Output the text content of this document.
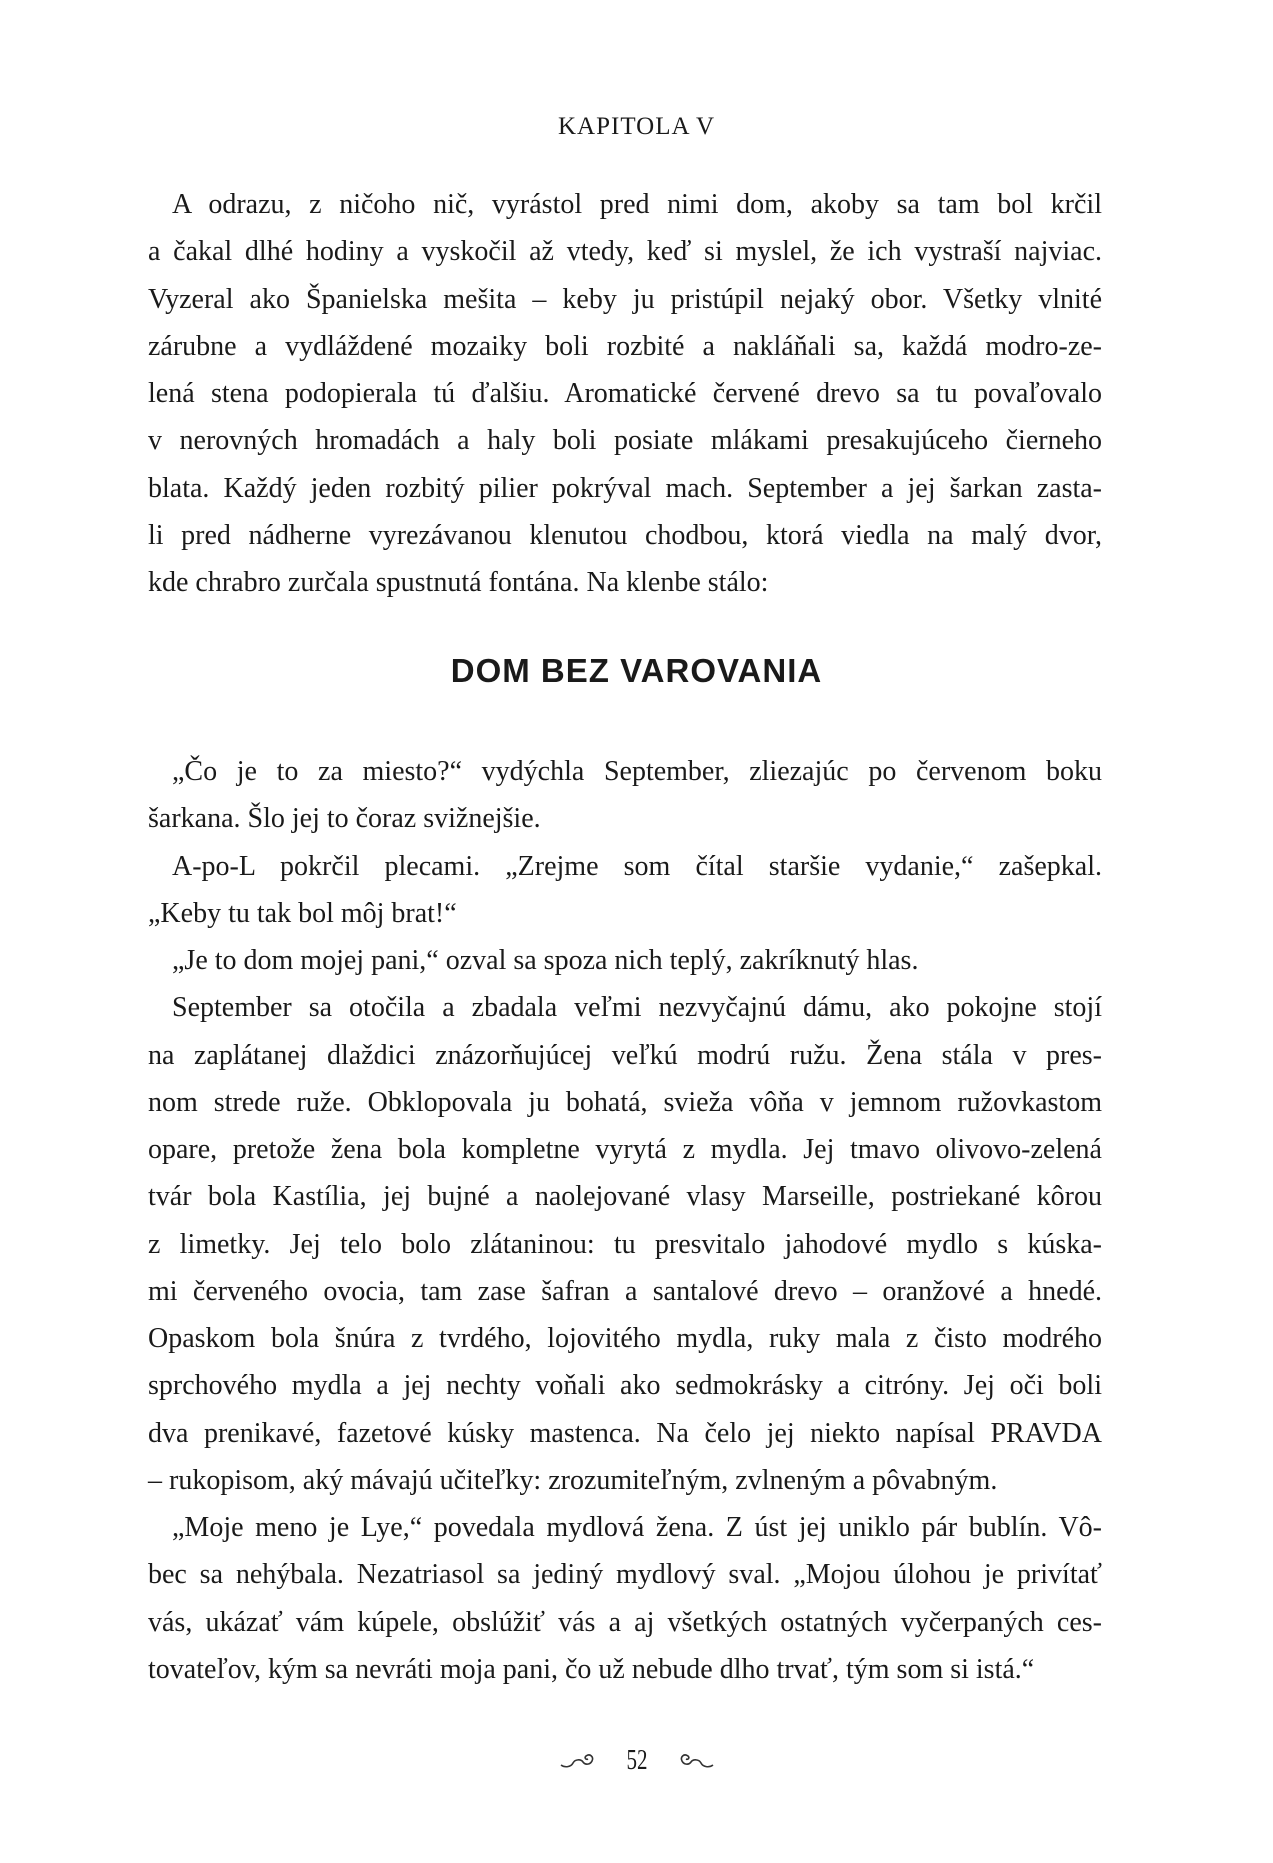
KAPITOLA V
A odrazu, z ničoho nič, vyrástol pred nimi dom, akoby sa tam bol krčil
a čakal dlhé hodiny a vyskočil až vtedy, keď si myslel, že ich vystraší najviac.
Vyzeral ako Španielska mešita – keby ju pristúpil nejaký obor. Všetky vlnité
zárubne a vydláždené mozaiky boli rozbité a nakláňali sa, každá modro-ze-
lená stena podopierala tú ďalšiu. Aromatické červené drevo sa tu povaľovalo
v nerovných hromadách a haly boli posiate mlákami presakujúceho čierneho
blata. Každý jeden rozbitý pilier pokrýval mach. September a jej šarkan zasta-
li pred nádherne vyrezávanou klenutou chodbou, ktorá viedla na malý dvor,
kde chrabro zurčala spustnutá fontána. Na klenbe stálo:
DOM BEZ VAROVANIA
„Čo je to za miesto?“ vydýchla September, zliezajúc po červenom boku
šarkana. Šlo jej to čoraz svižnejšie.
A-po-L pokrčil plecami. „Zrejme som čítal staršie vydanie,“ zašepkal.
„Keby tu tak bol môj brat!“
„Je to dom mojej pani,“ ozval sa spoza nich teplý, zakríknutý hlas.
September sa otočila a zbadala veľmi nezvyčajnú dámu, ako pokojne stojí
na zaplátanej dlaždici znázorňujúcej veľkú modrú ružu. Žena stála v pres-
nom strede ruže. Obklopovala ju bohatá, svieža vôňa v jemnom ružovkastom
opare, pretože žena bola kompletne vyrytá z mydla. Jej tmavo olivovo-zelená
tvár bola Kastília, jej bujné a naolejované vlasy Marseille, postriekané kôrou
z limetky. Jej telo bolo zlátaninou: tu presvitalo jahodové mydlo s kúska-
mi červeného ovocia, tam zase šafran a santalové drevo – oranžové a hnedé.
Opaskom bola šnúra z tvrdého, lojovitého mydla, ruky mala z čisto modrého
sprchového mydla a jej nechty voňali ako sedmokrásky a citróny. Jej oči boli
dva prenikavé, fazetové kúsky mastenca. Na čelo jej niekto napísal PRAVDA
– rukopisom, aký mávajú učiteľky: zrozumiteľným, zvlneným a pôvabným.
„Moje meno je Lye,“ povedala mydlová žena. Z úst jej uniklo pár bublín. Vô-
bec sa nehýbala. Nezatriasol sa jediný mydlový sval. „Mojou úlohou je privítať
vás, ukázať vám kúpele, obslúžiť vás a aj všetkých ostatných vyčerpaných ces-
tovateľov, kým sa nevráti moja pani, čo už nebude dlho trvať, tým som si istá.“
52
